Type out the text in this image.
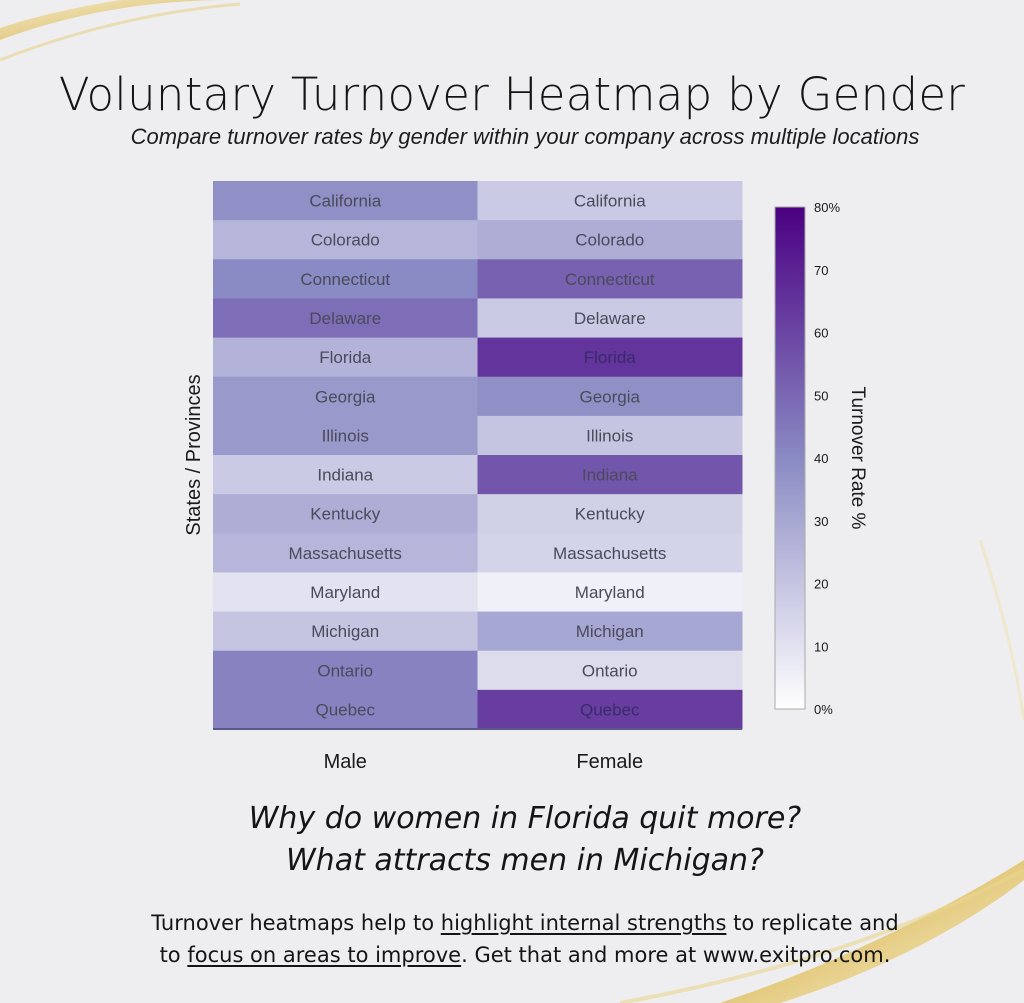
Voluntary Turnover Heatmap by Gender
Compare turnover rates by gender within your company across multiple locations
California	California
Colorado	Colorado
Connecticut	Connecticut
Delaware	Delaware
Florida	Florida
Georgia	Georgia
Illinois	Illinois
Indiana	Indiana
Kentucky	Kentucky
Massachusetts	Massachusetts
Maryland	Maryland
Michigan	Michigan
Ontario	Ontario
Quebec	Quebec
Male	Female
0%
10
20
30
40
50
60
70
80%
Turnover Rate %
States / Provinces
Why do women in Florida quit more?
What attracts men in Michigan?
Turnover heatmaps help to highlight internal strengths to replicate and
to focus on areas to improve. Get that and more at www.exitpro.com.
